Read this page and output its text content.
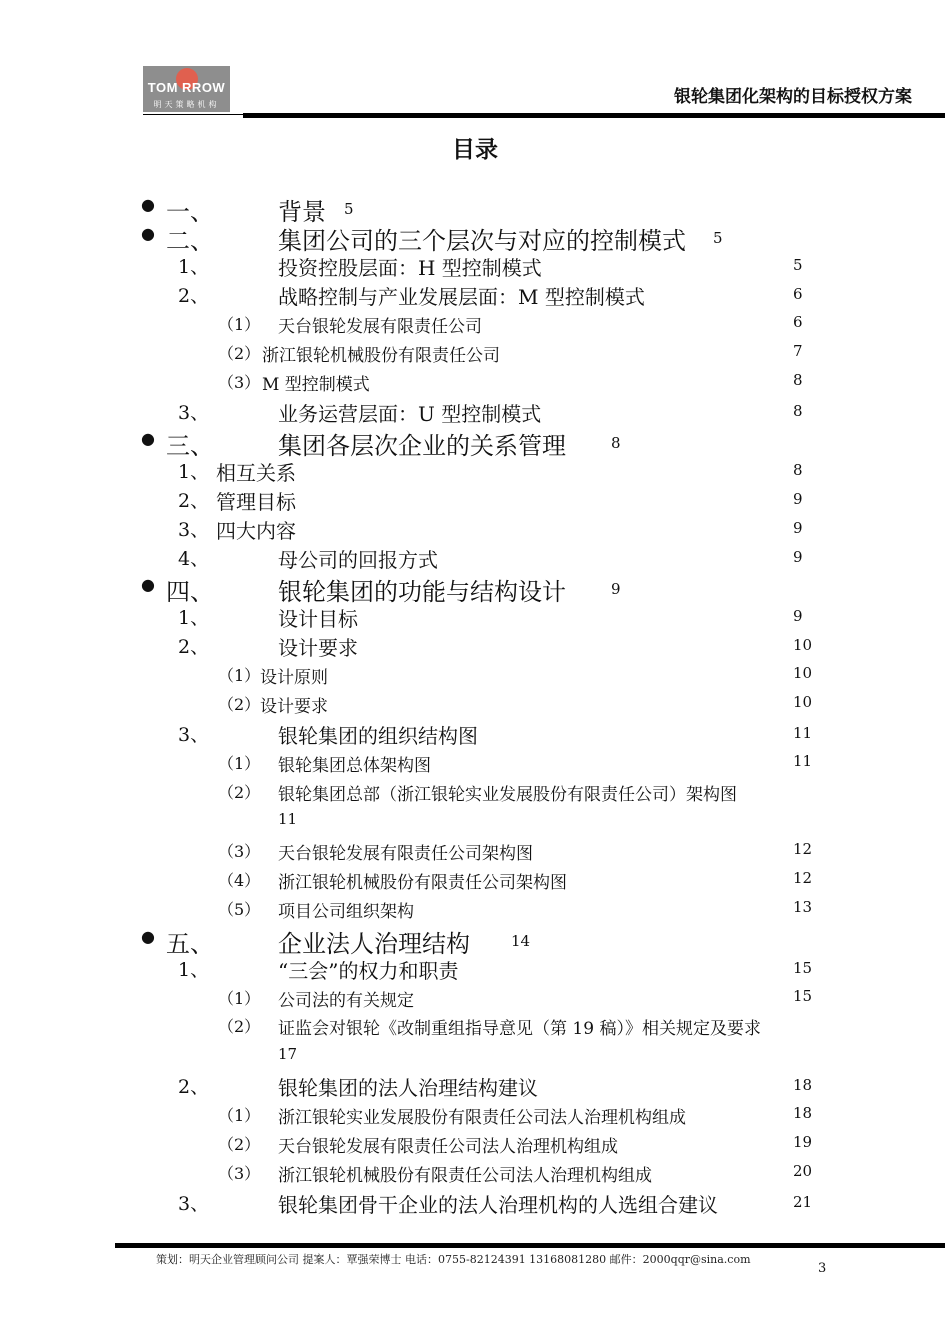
TOM RROW
明天策略机构	银轮集团化架构的目标授权方案
目录
● 一、	背景 5
● 二、	集团公司的三个层次与对应的控制模式 5
1、	投资控股层面：H 型控制模式	5
2、	战略控制与产业发展层面：M 型控制模式	6
（1） 天台银轮发展有限责任公司	6
（2） 浙江银轮机械股份有限责任公司	7
（3） M 型控制模式	8
3、	业务运营层面：U 型控制模式	8
● 三、	集团各层次企业的关系管理	8
1、 相互关系	8
2、 管理目标	9
3、 四大内容	9
4、	母公司的回报方式	9
● 四、	银轮集团的功能与结构设计	9
1、	设计目标	9
2、	设计要求	10
（1） 设计原则	10
（2） 设计要求	10
3、	银轮集团的组织结构图	11
（1） 银轮集团总体架构图	11
（2） 银轮集团总部（浙江银轮实业发展股份有限责任公司）架构图
11
（3） 天台银轮发展有限责任公司架构图	12
（4） 浙江银轮机械股份有限责任公司架构图	12
（5） 项目公司组织架构	13
● 五、	企业法人治理结构	14
1、	“三会”的权力和职责	15
（1） 公司法的有关规定	15
（2） 证监会对银轮《改制重组指导意见（第 19 稿）》相关规定及要求
17
2、	银轮集团的法人治理结构建议	18
（1） 浙江银轮实业发展股份有限责任公司法人治理机构组成	18
（2） 天台银轮发展有限责任公司法人治理机构组成	19
（3） 浙江银轮机械股份有限责任公司法人治理机构组成	20
3、	银轮集团骨干企业的法人治理机构的人选组合建议	21
策划：明天企业管理顾问公司 提案人：覃强荣博士 电话：0755-82124391 13168081280 邮件：2000qqr@sina.com
3
